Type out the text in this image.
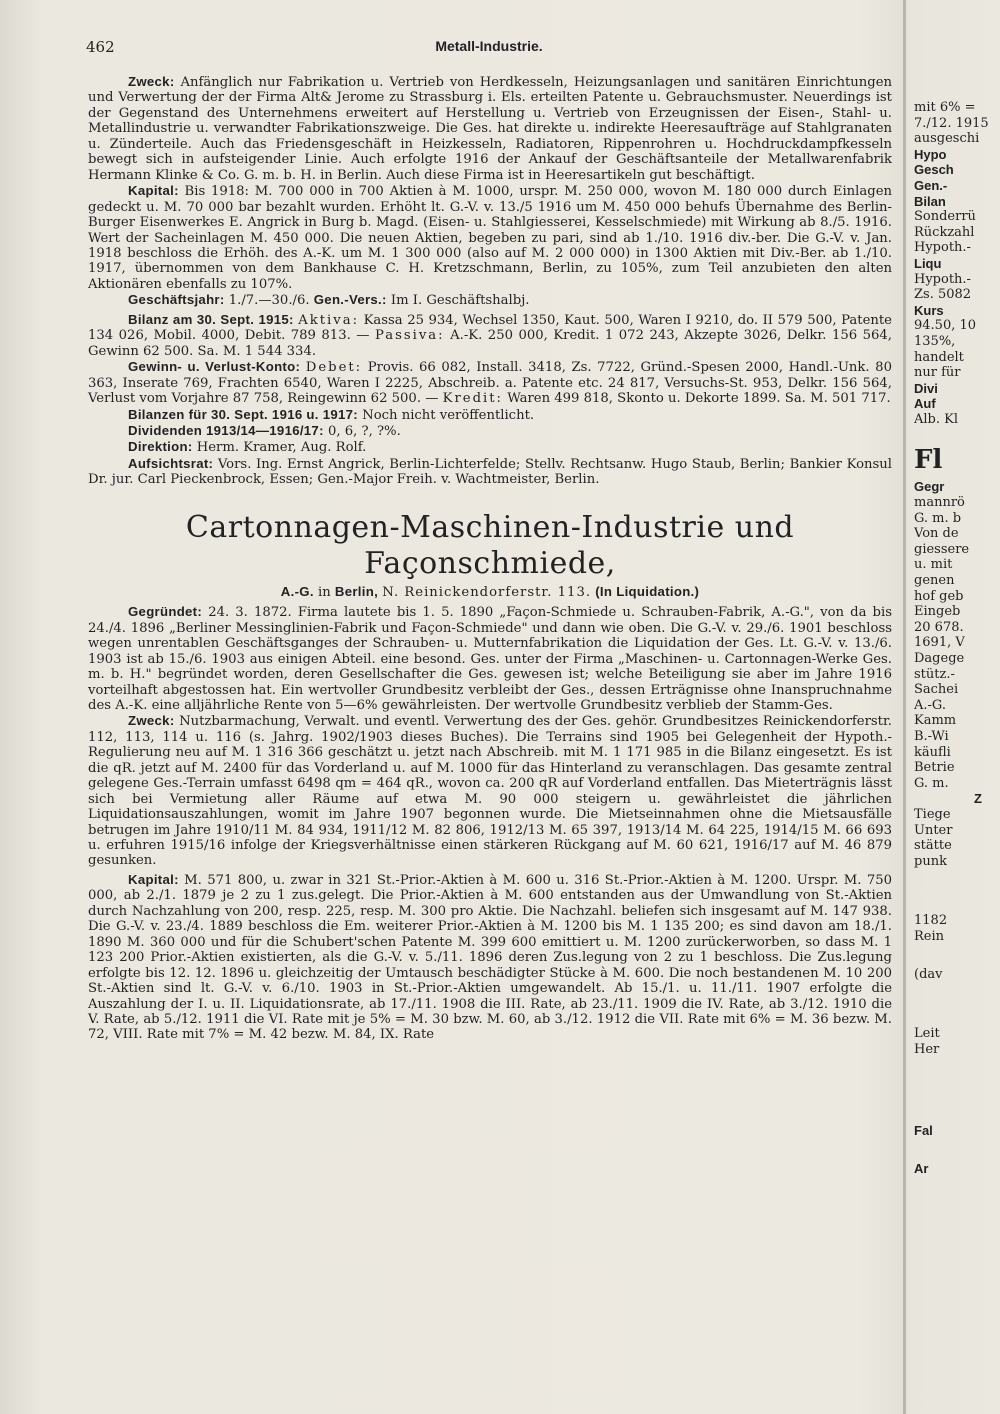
462	Metall-Industrie.

Zweck: Anfänglich nur Fabrikation u. Vertrieb von Herdkesseln, Heizungsanlagen und sanitären Einrichtungen und Verwertung der der Firma Alt& Jerome zu Strassburg i. Els. erteilten Patente u. Gebrauchsmuster. Neuerdings ist der Gegenstand des Unternehmens erweitert auf Herstellung u. Vertrieb von Erzeugnissen der Eisen-, Stahl- u. Metallindustrie u. verwandter Fabrikationszweige. Die Ges. hat direkte u. indirekte Heeresaufträge auf Stahlgranaten u. Zünderteile. Auch das Friedensgeschäft in Heizkesseln, Radiatoren, Rippenrohren u. Hochdruckdampfkesseln bewegt sich in aufsteigender Linie. Auch erfolgte 1916 der Ankauf der Geschäftsanteile der Metallwarenfabrik Hermann Klinke & Co. G. m. b. H. in Berlin. Auch diese Firma ist in Heeresartikeln gut beschäftigt.

Kapital: Bis 1918: M. 700 000 in 700 Aktien à M. 1000, urspr. M. 250 000, wovon M. 180 000 durch Einlagen gedeckt u. M. 70 000 bar bezahlt wurden. Erhöht lt. G.-V. v. 13./5 1916 um M. 450 000 behufs Übernahme des Berlin-Burger Eisenwerkes E. Angrick in Burg b. Magd. (Eisen- u. Stahlgiesserei, Kesselschmiede) mit Wirkung ab 8./5. 1916. Wert der Sacheinlagen M. 450 000. Die neuen Aktien, begeben zu pari, sind ab 1./10. 1916 div.-ber. Die G.-V. v. Jan. 1918 beschloss die Erhöh. des A.-K. um M. 1 300 000 (also auf M. 2 000 000) in 1300 Aktien mit Div.-Ber. ab 1./10. 1917, übernommen von dem Bankhause C. H. Kretzschmann, Berlin, zu 105%, zum Teil anzubieten den alten Aktionären ebenfalls zu 107%.

Geschäftsjahr: 1./7.—30./6. Gen.-Vers.: Im I. Geschäftshalbj.

Bilanz am 30. Sept. 1915: Aktiva: Kassa 25 934, Wechsel 1350, Kaut. 500, Waren I 9210, do. II 579 500, Patente 134 026, Mobil. 4000, Debit. 789 813. — Passiva: A.-K. 250 000, Kredit. 1 072 243, Akzepte 3026, Delkr. 156 564, Gewinn 62 500. Sa. M. 1 544 334.

Gewinn- u. Verlust-Konto: Debet: Provis. 66 082, Install. 3418, Zs. 7722, Gründ.-Spesen 2000, Handl.-Unk. 80 363, Inserate 769, Frachten 6540, Waren I 2225, Abschreib. a. Patente etc. 24 817, Versuchs-St. 953, Delkr. 156 564, Verlust vom Vorjahre 87 758, Reingewinn 62 500. — Kredit: Waren 499 818, Skonto u. Dekorte 1899. Sa. M. 501 717.

Bilanzen für 30. Sept. 1916 u. 1917: Noch nicht veröffentlicht.

Dividenden 1913/14—1916/17: 0, 6, ?, ?%.

Direktion: Herm. Kramer, Aug. Rolf.

Aufsichtsrat: Vors. Ing. Ernst Angrick, Berlin-Lichterfelde; Stellv. Rechtsanw. Hugo Staub, Berlin; Bankier Konsul Dr. jur. Carl Pieckenbrock, Essen; Gen.-Major Freih. v. Wachtmeister, Berlin.

Cartonnagen-Maschinen-Industrie und Façonschmiede,
A.-G. in Berlin, N. Reinickendorferstr. 113. (In Liquidation.)

Gegründet: 24. 3. 1872. Firma lautete bis 1. 5. 1890 „Façon-Schmiede u. Schrauben-Fabrik, A.-G.", von da bis 24./4. 1896 „Berliner Messinglinien-Fabrik und Façon-Schmiede" und dann wie oben. Die G.-V. v. 29./6. 1901 beschloss wegen unrentablen Geschäftsganges der Schrauben- u. Mutternfabrikation die Liquidation der Ges. Lt. G.-V. v. 13./6. 1903 ist ab 15./6. 1903 aus einigen Abteil. eine besond. Ges. unter der Firma „Maschinen- u. Cartonnagen-Werke Ges. m. b. H." begründet worden, deren Gesellschafter die Ges. gewesen ist; welche Beteiligung sie aber im Jahre 1916 vorteilhaft abgestossen hat. Ein wertvoller Grundbesitz verbleibt der Ges., dessen Erträgnisse ohne Inanspruchnahme des A.-K. eine alljährliche Rente von 5—6% gewährleisten. Der wertvolle Grundbesitz verblieb der Stamm-Ges.

Zweck: Nutzbarmachung, Verwalt. und eventl. Verwertung des der Ges. gehör. Grundbesitzes Reinickendorferstr. 112, 113, 114 u. 116 (s. Jahrg. 1902/1903 dieses Buches). Die Terrains sind 1905 bei Gelegenheit der Hypoth.-Regulierung neu auf M. 1 316 366 geschätzt u. jetzt nach Abschreib. mit M. 1 171 985 in die Bilanz eingesetzt. Es ist die qR. jetzt auf M. 2400 für das Vorderland u. auf M. 1000 für das Hinterland zu veranschlagen. Das gesamte zentral gelegene Ges.-Terrain umfasst 6498 qm = 464 qR., wovon ca. 200 qR auf Vorderland entfallen. Das Mieterträgnis lässt sich bei Vermietung aller Räume auf etwa M. 90 000 steigern u. gewährleistet die jährlichen Liquidationsauszahlungen, womit im Jahre 1907 begonnen wurde. Die Mietseinnahmen ohne die Mietsausfälle betrugen im Jahre 1910/11 M. 84 934, 1911/12 M. 82 806, 1912/13 M. 65 397, 1913/14 M. 64 225, 1914/15 M. 66 693 u. erfuhren 1915/16 infolge der Kriegsverhältnisse einen stärkeren Rückgang auf M. 60 621, 1916/17 auf M. 46 879 gesunken.

Kapital: M. 571 800, u. zwar in 321 St.-Prior.-Aktien à M. 600 u. 316 St.-Prior.-Aktien à M. 1200. Urspr. M. 750 000, ab 2./1. 1879 je 2 zu 1 zus.gelegt. Die Prior.-Aktien à M. 600 entstanden aus der Umwandlung von St.-Aktien durch Nachzahlung von 200, resp. 225, resp. M. 300 pro Aktie. Die Nachzahl. beliefen sich insgesamt auf M. 147 938. Die G.-V. v. 23./4. 1889 beschloss die Em. weiterer Prior.-Aktien à M. 1200 bis M. 1 135 200; es sind davon am 18./1. 1890 M. 360 000 und für die Schubert'schen Patente M. 399 600 emittiert u. M. 1200 zurückerworben, so dass M. 1 123 200 Prior.-Aktien existierten, als die G.-V. v. 5./11. 1896 deren Zus.legung von 2 zu 1 beschloss. Die Zus.legung erfolgte bis 12. 12. 1896 u. gleichzeitig der Umtausch beschädigter Stücke à M. 600. Die noch bestandenen M. 10 200 St.-Aktien sind lt. G.-V. v. 6./10. 1903 in St.-Prior.-Aktien umgewandelt. Ab 15./1. u. 11./11. 1907 erfolgte die Auszahlung der I. u. II. Liquidationsrate, ab 17./11. 1908 die III. Rate, ab 23./11. 1909 die IV. Rate, ab 3./12. 1910 die V. Rate, ab 5./12. 1911 die VI. Rate mit je 5% = M. 30 bzw. M. 60, ab 3./12. 1912 die VII. Rate mit 6% = M. 36 bezw. M. 72, VIII. Rate mit 7% = M. 42 bezw. M. 84, IX. Rate

mit 6% =
7./12. 1915
ausgeschi
Hypo
Gesch
Gen.-
Bilan
Sonderrü
Rückzahl
Hypoth.-
Liqu
Hypoth.-
Zs. 5082
Kurs
94.50, 10
135%,
handelt
nur für
Divi
Auf
Alb. Kl
Fl
Gegr
mannrö
G. m. b
Von de
giessere
u. mit
genen
hof geb
Eingeb
20 678.
1691, V
Dagege
stütz.-
Sachei
A.-G.
Kamm
B.-Wi
käufli
Betrie
G. m.
Z
Tiege
Unter
stätte
punk
1182
Rein
(dav
Leit
Her
Fal
Ar
